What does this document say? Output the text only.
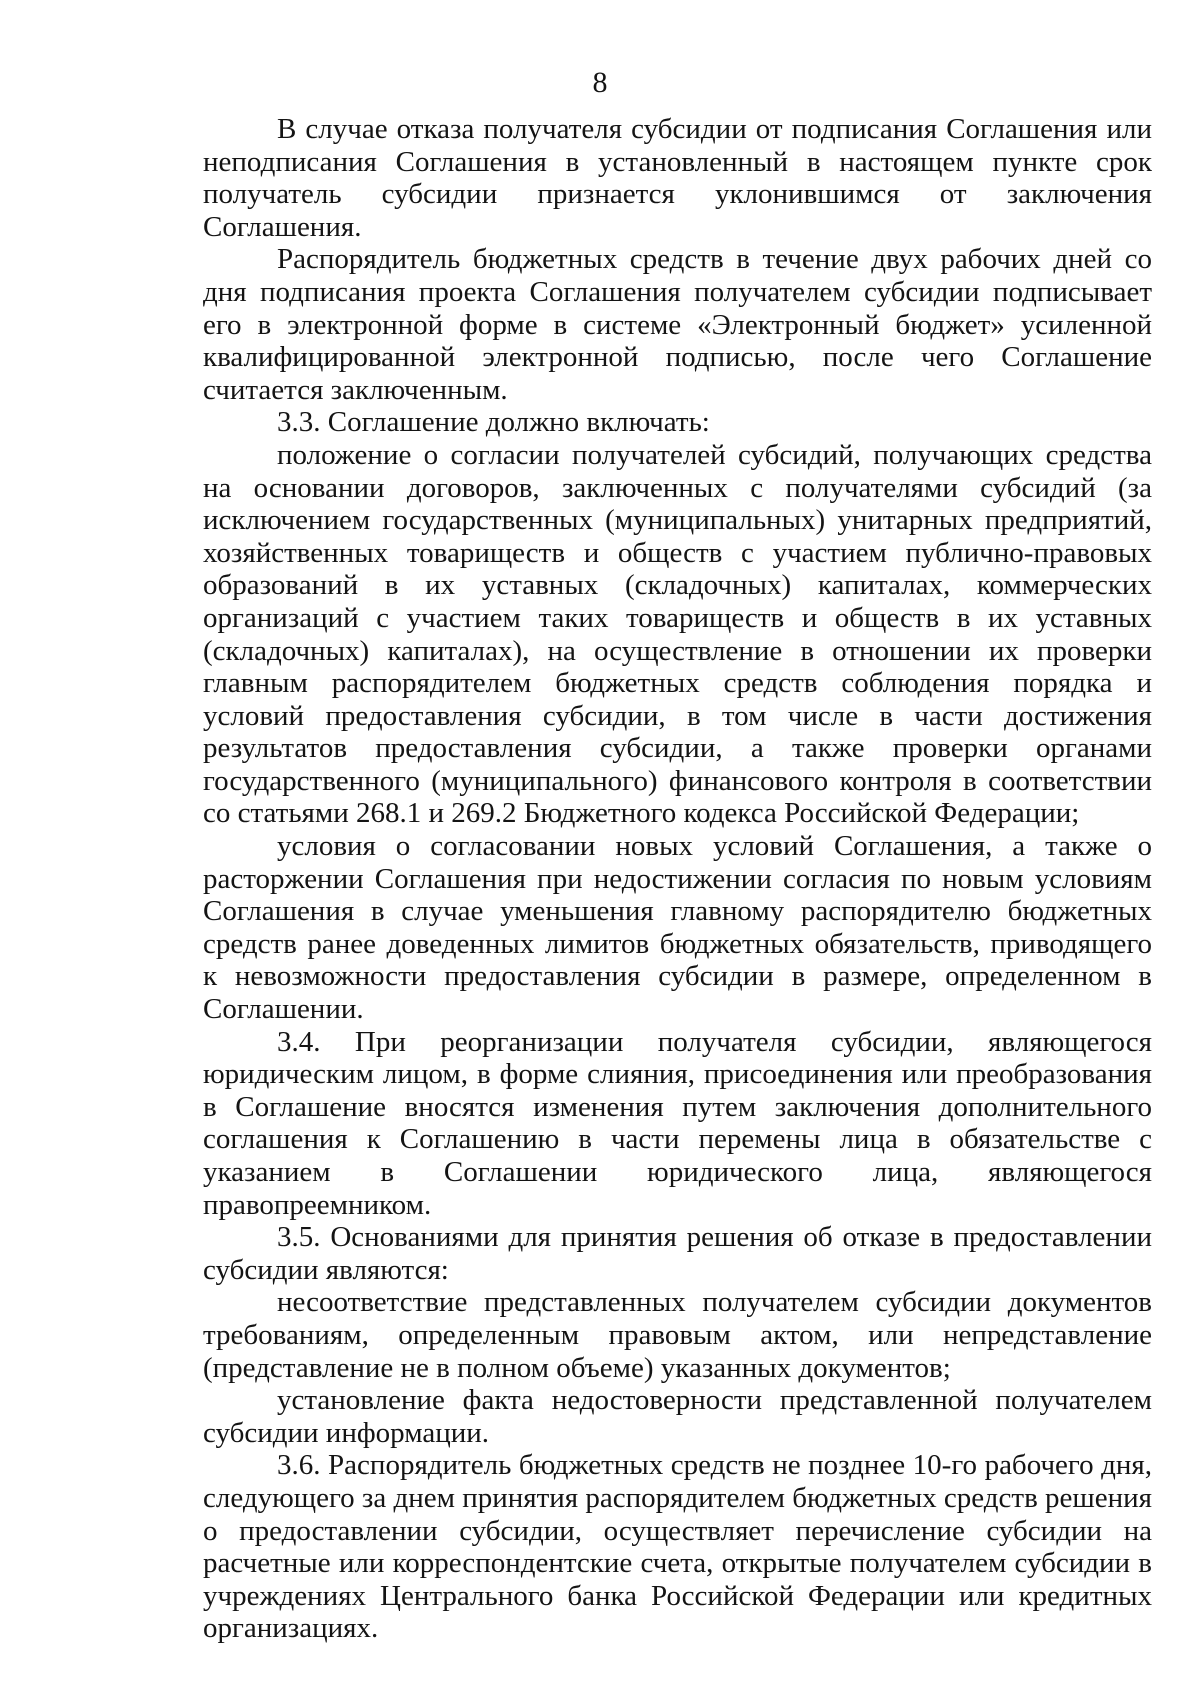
8

В случае отказа получателя субсидии от подписания Соглашения или неподписания Соглашения в установленный в настоящем пункте срок получатель субсидии признается уклонившимся от заключения Соглашения.

Распорядитель бюджетных средств в течение двух рабочих дней со дня подписания проекта Соглашения получателем субсидии подписывает его в электронной форме в системе «Электронный бюджет» усиленной квалифицированной электронной подписью, после чего Соглашение считается заключенным.

3.3. Соглашение должно включать:

положение о согласии получателей субсидий, получающих средства на основании договоров, заключенных с получателями субсидий (за исключением государственных (муниципальных) унитарных предприятий, хозяйственных товариществ и обществ с участием публично-правовых образований в их уставных (складочных) капиталах, коммерческих организаций с участием таких товариществ и обществ в их уставных (складочных) капиталах), на осуществление в отношении их проверки главным распорядителем бюджетных средств соблюдения порядка и условий предоставления субсидии, в том числе в части достижения результатов предоставления субсидии, а также проверки органами государственного (муниципального) финансового контроля в соответствии со статьями 268.1 и 269.2 Бюджетного кодекса Российской Федерации;

условия о согласовании новых условий Соглашения, а также о расторжении Соглашения при недостижении согласия по новым условиям Соглашения в случае уменьшения главному распорядителю бюджетных средств ранее доведенных лимитов бюджетных обязательств, приводящего к невозможности предоставления субсидии в размере, определенном в Соглашении.

3.4. При реорганизации получателя субсидии, являющегося юридическим лицом, в форме слияния, присоединения или преобразования в Соглашение вносятся изменения путем заключения дополнительного соглашения к Соглашению в части перемены лица в обязательстве с указанием в Соглашении юридического лица, являющегося правопреемником.

3.5. Основаниями для принятия решения об отказе в предоставлении субсидии являются:

несоответствие представленных получателем субсидии документов требованиям, определенным правовым актом, или непредставление (представление не в полном объеме) указанных документов;

установление факта недостоверности представленной получателем субсидии информации.

3.6. Распорядитель бюджетных средств не позднее 10-го рабочего дня, следующего за днем принятия распорядителем бюджетных средств решения о предоставлении субсидии, осуществляет перечисление субсидии на расчетные или корреспондентские счета, открытые получателем субсидии в учреждениях Центрального банка Российской Федерации или кредитных организациях.
